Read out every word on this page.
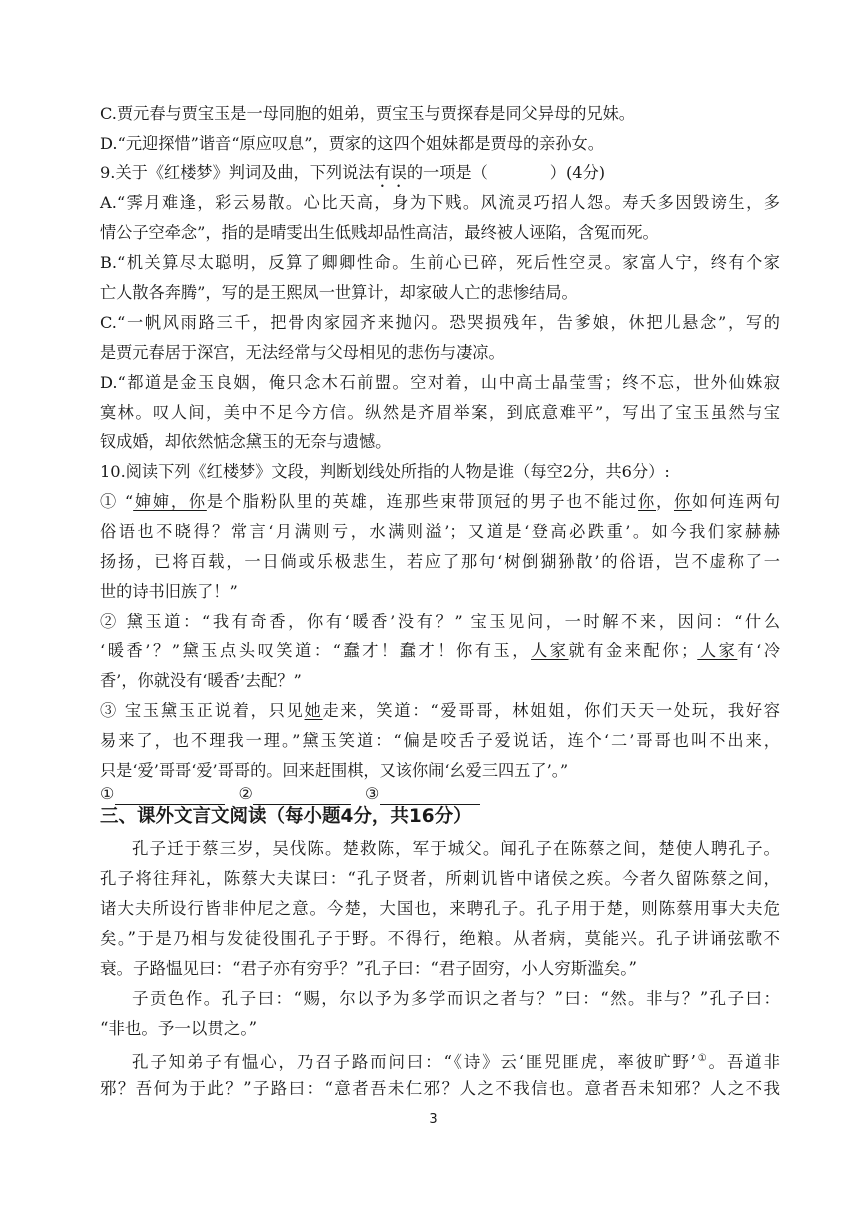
C.贾元春与贾宝玉是一母同胞的姐弟，贾宝玉与贾探春是同父异母的兄妹。
D.“元迎探惜”谐音“原应叹息”，贾家的这四个姐妹都是贾母的亲孙女。
9.关于《红楼梦》判词及曲，下列说法有误的一项是（	）(4分)
A.“霁月难逢，彩云易散。心比天高，身为下贱。风流灵巧招人怨。寿夭多因毁谤生，多
情公子空牵念”，指的是晴雯出生低贱却品性高洁，最终被人诬陷，含冤而死。
B.“机关算尽太聪明，反算了卿卿性命。生前心已碎，死后性空灵。家富人宁，终有个家
亡人散各奔腾”，写的是王熙凤一世算计，却家破人亡的悲惨结局。
C.“一帆风雨路三千，把骨肉家园齐来抛闪。恐哭损残年，告爹娘，休把儿悬念”，写的
是贾元春居于深宫，无法经常与父母相见的悲伤与凄凉。
D.“都道是金玉良姻，俺只念木石前盟。空对着，山中高士晶莹雪；终不忘，世外仙姝寂
寞林。叹人间，美中不足今方信。纵然是齐眉举案，到底意难平”，写出了宝玉虽然与宝
钗成婚，却依然惦念黛玉的无奈与遗憾。
10.阅读下列《红楼梦》文段，判断划线处所指的人物是谁（每空2分，共6分）:
① “婶婶，你是个脂粉队里的英雄，连那些束带顶冠的男子也不能过你，你如何连两句
俗语也不晓得？常言‘月满则亏，水满则溢’；又道是‘登高必跌重’。如今我们家赫赫
扬扬，已将百载，一日倘或乐极悲生，若应了那句‘树倒猢狲散’的俗语，岂不虚称了一
世的诗书旧族了！”
② 黛玉道：“我有奇香，你有‘暖香’没有？” 宝玉见问，一时解不来，因问：“什么
‘暖香’？”黛玉点头叹笑道：“蠢才！蠢才！你有玉，人家就有金来配你；人家有‘冷
香’，你就没有‘暖香’去配？”
③ 宝玉黛玉正说着，只见她走来，笑道：“爱哥哥，林姐姐，你们天天一处玩，我好容
易来了，也不理我一理。”黛玉笑道：“偏是咬舌子爱说话，连个‘二’哥哥也叫不出来，
只是‘爱’哥哥‘爱’哥哥的。回来赶围棋，又该你闹‘幺爱三四五了’。”
①	②	③
三、课外文言文阅读（每小题4分，共16分）
孔子迁于蔡三岁，吴伐陈。楚救陈，军于城父。闻孔子在陈蔡之间，楚使人聘孔子。
孔子将往拜礼，陈蔡大夫谋曰：“孔子贤者，所刺讥皆中诸侯之疾。今者久留陈蔡之间，
诸大夫所设行皆非仲尼之意。今楚，大国也，来聘孔子。孔子用于楚，则陈蔡用事大夫危
矣。”于是乃相与发徒役围孔子于野。不得行，绝粮。从者病，莫能兴。孔子讲诵弦歌不
衰。子路愠见曰：“君子亦有穷乎？”孔子曰：“君子固穷，小人穷斯滥矣。”
子贡色作。孔子曰：“赐，尔以予为多学而识之者与？”曰：“然。非与？”孔子曰：
“非也。予一以贯之。”
孔子知弟子有愠心，乃召子路而问曰：“《诗》云‘匪兕匪虎，率彼旷野’①。吾道非
邪？吾何为于此？”子路曰：“意者吾未仁邪？人之不我信也。意者吾未知邪？人之不我
3
